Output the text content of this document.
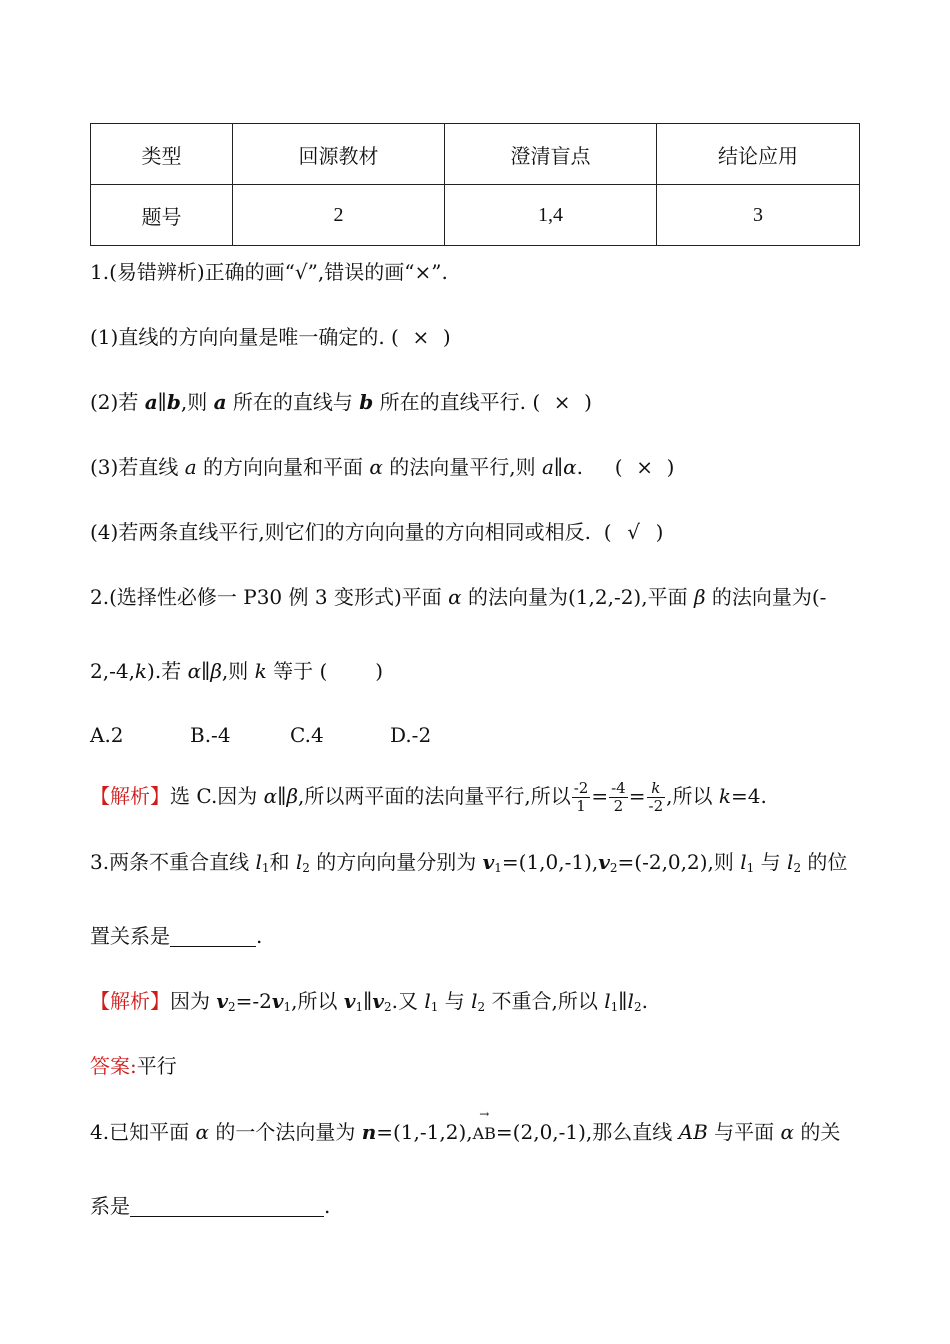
类型	回源教材	澄清盲点	结论应用
题号	2	1,4	3
1.(易错辨析)正确的画“√”,错误的画“×”.
(1)直线的方向向量是唯一确定的. ( × )
(2)若 a∥b,则 a 所在的直线与 b 所在的直线平行. ( × )
(3)若直线 a 的方向向量和平面 α 的法向量平行,则 a∥α.     ( × )
(4)若两条直线平行,则它们的方向向量的方向相同或相反.  ( √ )
2.(选择性必修一 P30 例 3 变形式)平面 α 的法向量为(1,2,-2),平面 β 的法向量为(-
2,-4,k).若 α∥β,则 k 等于 ( )
A.2	B.-4	C.4	D.-2
【解析】选 C.因为 α∥β,所以两平面的法向量平行,所以 $\frac{-2}{1} = \frac{-4}{2} = \frac{k}{-2}$ ,所以 k=4.
3.两条不重合直线 $l_1$和 $l_2$ 的方向向量分别为 $v_1=(1,0,-1),v_2=(-2,0,2)$,则 $l_1$ 与 $l_2$ 的位
置关系是	.
【解析】因为 $v_2=-2v_1$,所以 $v_1\parallel v_2$.又 $l_1$ 与 $l_2$ 不重合,所以 $l_1\parallel l_2$.
答案:平行
4.已知平面 α 的一个法向量为 n=(1,-1,2),
→
AB=(2,0,-1),那么直线 AB 与平面 α 的关
系是	.
